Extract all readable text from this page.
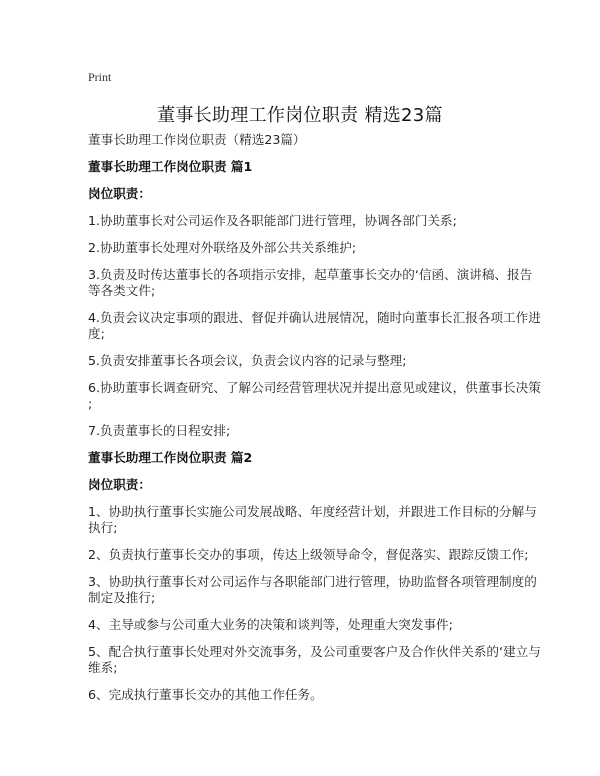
Print
董事长助理工作岗位职责 精选23篇

董事长助理工作岗位职责（精选23篇）

董事长助理工作岗位职责 篇1

岗位职责：

1.协助董事长对公司运作及各职能部门进行管理，协调各部门关系;

2.协助董事长处理对外联络及外部公共关系维护;

3.负责及时传达董事长的各项指示安排，起草董事长交办的‘信函、演讲稿、报告
等各类文件;

4.负责会议决定事项的跟进、督促并确认进展情况，随时向董事长汇报各项工作进
度;

5.负责安排董事长各项会议，负责会议内容的记录与整理;

6.协助董事长调查研究、了解公司经营管理状况并提出意见或建议，供董事长决策
;

7.负责董事长的日程安排;

董事长助理工作岗位职责 篇2

岗位职责：

1、协助执行董事长实施公司发展战略、年度经营计划，并跟进工作目标的分解与
执行;

2、负责执行董事长交办的事项，传达上级领导命令，督促落实、跟踪反馈工作;

3、协助执行董事长对公司运作与各职能部门进行管理，协助监督各项管理制度的
制定及推行;

4、主导或参与公司重大业务的决策和谈判等，处理重大突发事件;

5、配合执行董事长处理对外交流事务，及公司重要客户及合作伙伴关系的‘建立与
维系;

6、完成执行董事长交办的其他工作任务。
